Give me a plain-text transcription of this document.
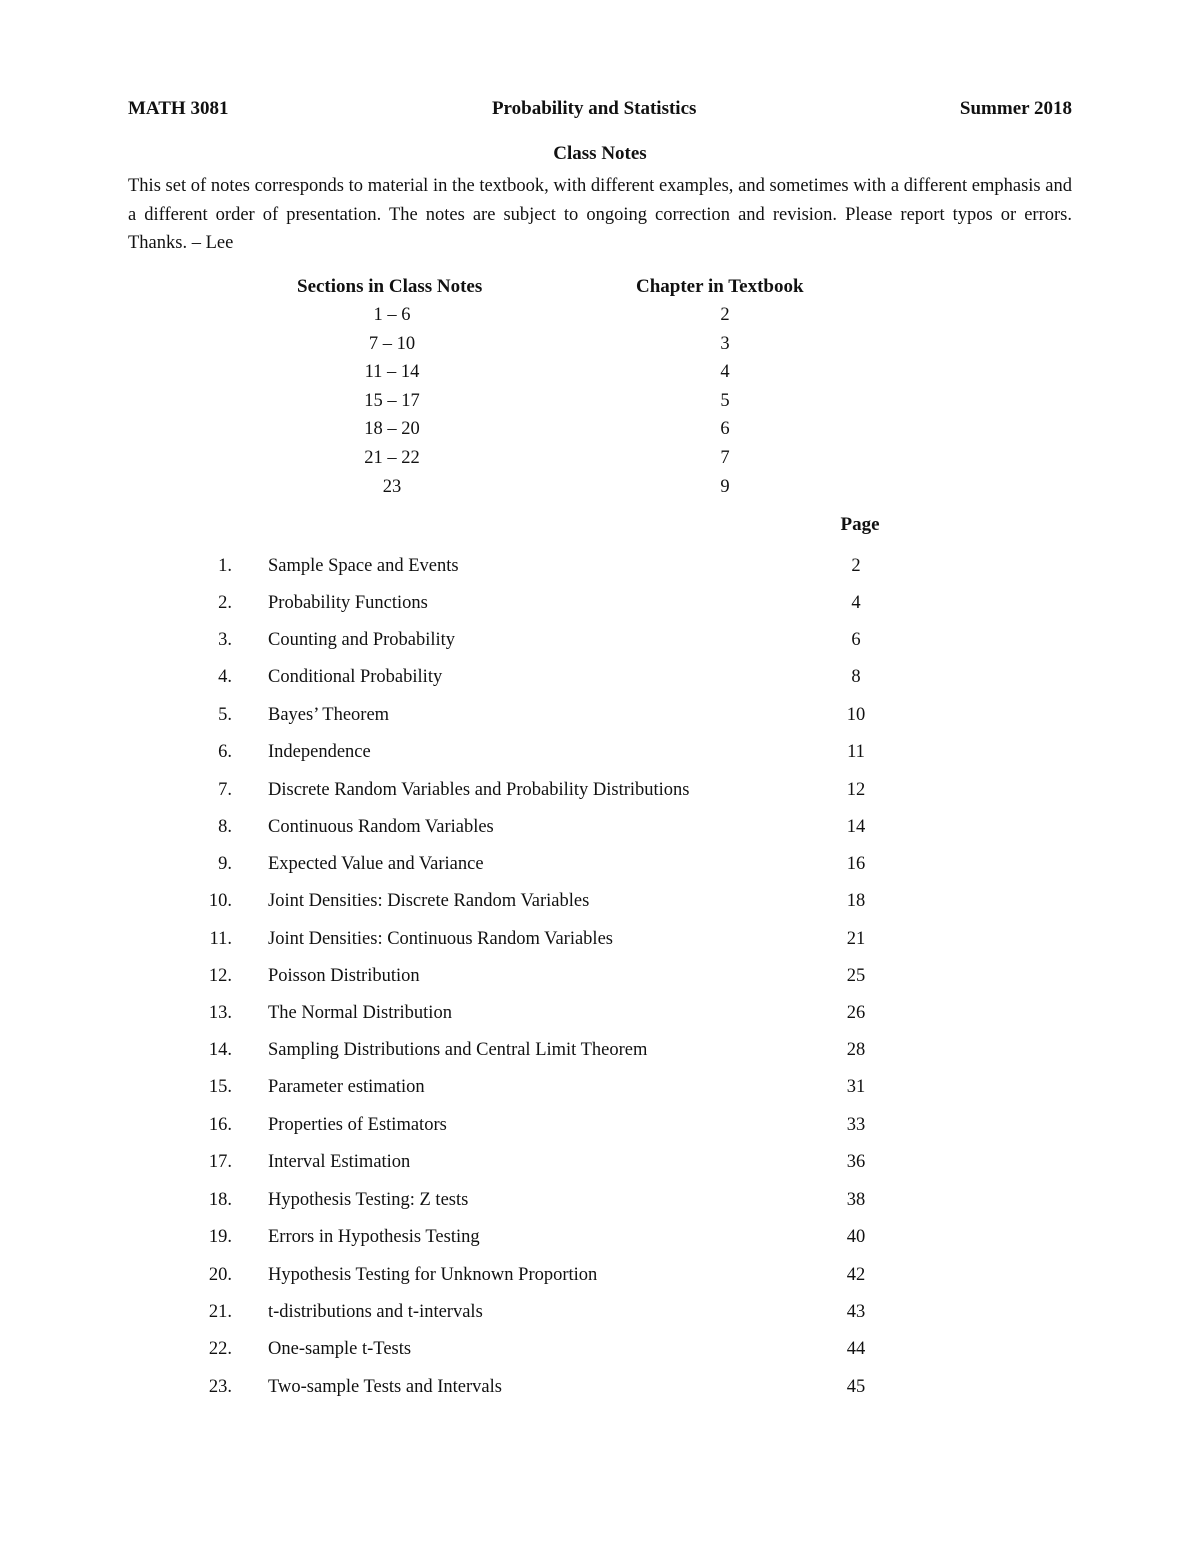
MATH 3081	Probability and Statistics	Summer 2018
Class Notes

This set of notes corresponds to material in the textbook, with different examples, and sometimes with a different emphasis and a different order of presentation. The notes are subject to ongoing correction and revision. Please report typos or errors. Thanks. – Lee

Sections in Class Notes	Chapter in Textbook
1 – 6	2
7 – 10	3
11 – 14	4
15 – 17	5
18 – 20	6
21 – 22	7
23	9
Page
1. Sample Space and Events	2
2. Probability Functions	4
3. Counting and Probability	6
4. Conditional Probability	8
5. Bayes’ Theorem	10
6. Independence	11
7. Discrete Random Variables and Probability Distributions	12
8. Continuous Random Variables	14
9. Expected Value and Variance	16
10. Joint Densities: Discrete Random Variables	18
11. Joint Densities: Continuous Random Variables	21
12. Poisson Distribution	25
13. The Normal Distribution	26
14. Sampling Distributions and Central Limit Theorem	28
15. Parameter estimation	31
16. Properties of Estimators	33
17. Interval Estimation	36
18. Hypothesis Testing: Z tests	38
19. Errors in Hypothesis Testing	40
20. Hypothesis Testing for Unknown Proportion	42
21. t-distributions and t-intervals	43
22. One-sample t-Tests	44
23. Two-sample Tests and Intervals	45
